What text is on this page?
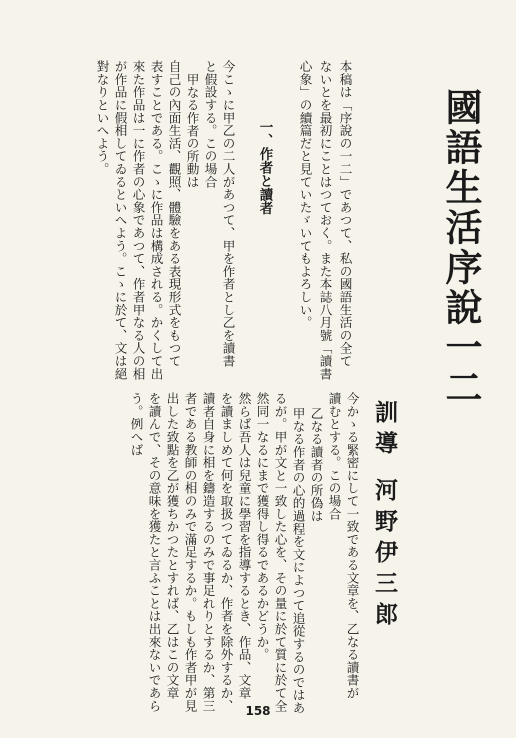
國語生活序說一二
訓導
河野伊三郎
今かゝる緊密にして一致である文章を、乙なる讀書が
讀むとする。この場合
乙なる讀者の所偽は
甲なる作者の心的過程を文によつて追從するのではあ
るが。甲が文と一致した心を、その量に於て質に於て全
然同一なるにまで獲得し得るであるかどうか。
然らば吾人は兒童に學習を指導するとき、作品、文章
を讀ましめて何を取扱つてゐるか、作者を除外するか、
讀者自身に相を鑄造するのみで事足れりとするか、第三
者である教師の相のみで滿足するか。もしも作者甲が見
出した致點を乙が獲ちかつたとすれば、乙はこの文章
を讀んで、その意味を獲たと言ふことは出來ないであら
う。例へば
本稿は「序說の一二」であつて、私の國語生活の全て
ないとを最初にことはつておく。また本誌八月號「讀書
心象」の續篇だと見ていたゞいてもよろしい。
一、作者と讀者
今こゝに甲乙の二人があつて、甲を作者とし乙を讀書
と假設する。この場合
甲なる作者の所動は
自己の內面生活、觀照、體驗をある表現形式をもつて
表すことである。こゝに作品は構成される。かくして出
來た作品は一に作者の心象であつて、作者甲なる人の相
が作品に假相してゐるといへよう。こゝに於て、文は絕
對なりといへよう。
158
